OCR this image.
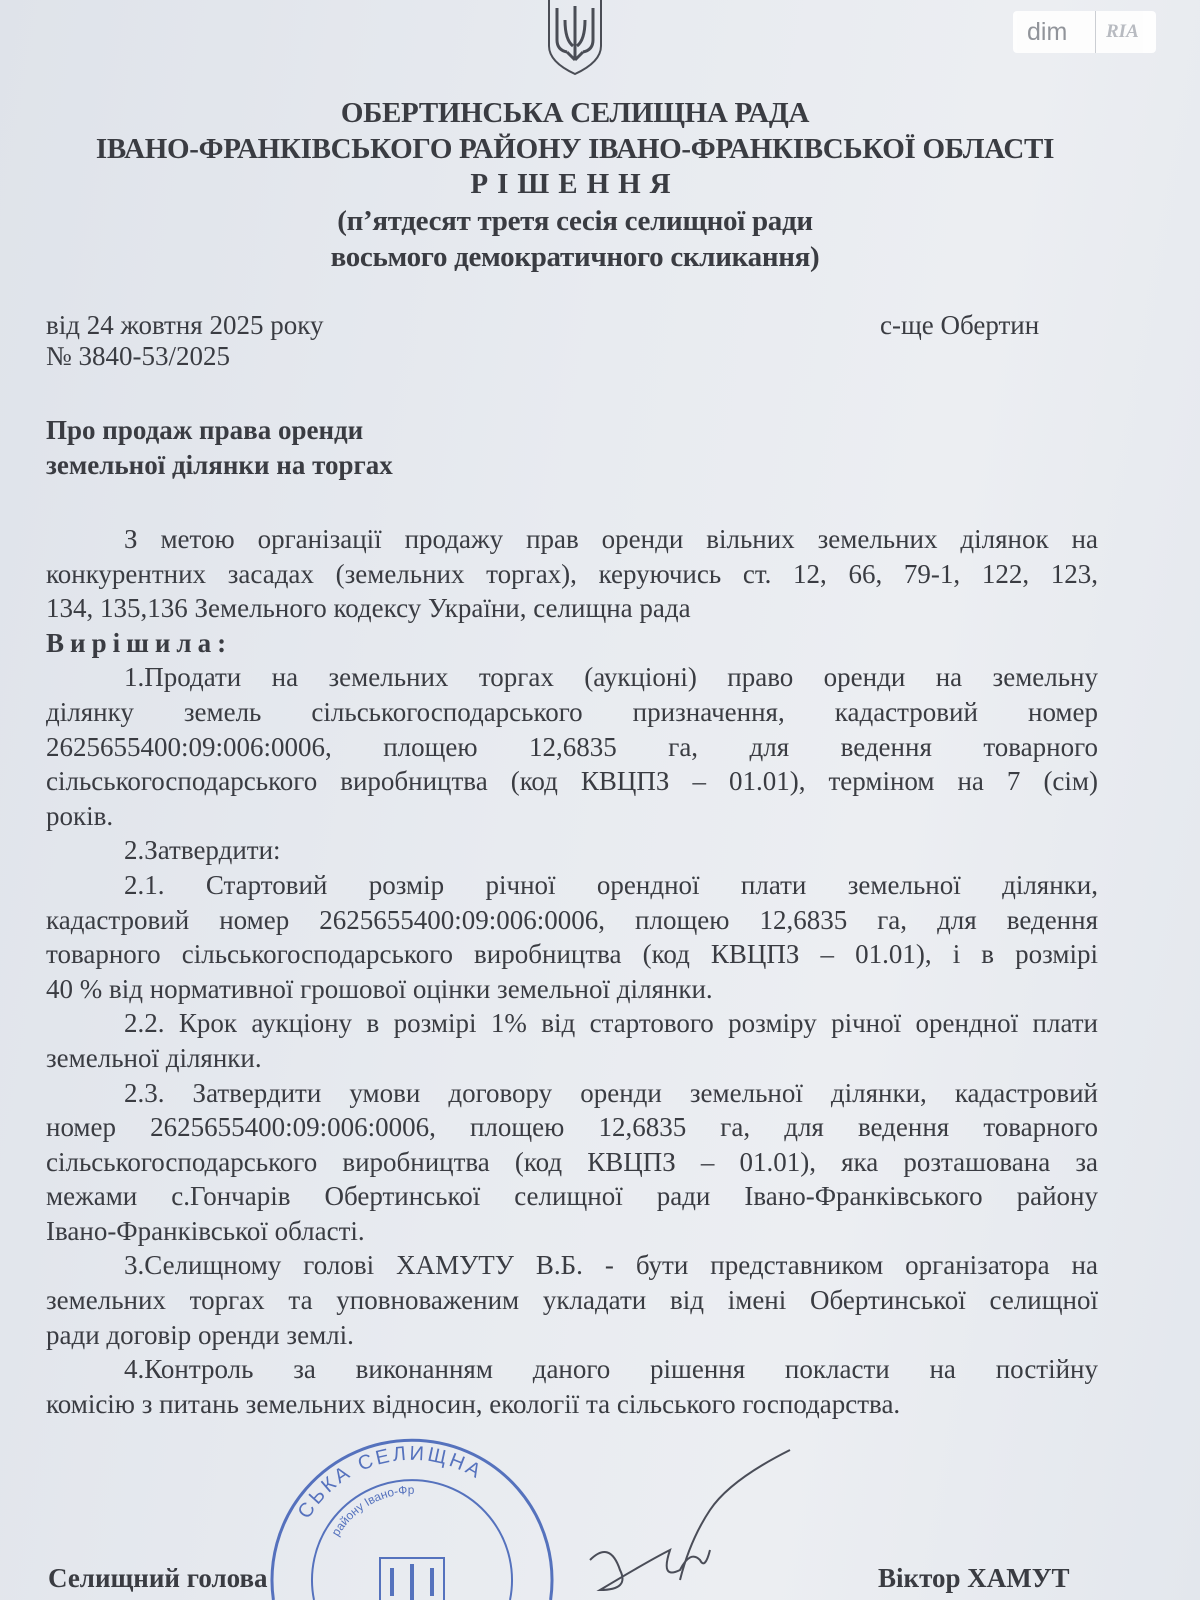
dim	RIA
ОБЕРТИНСЬКА СЕЛИЩНА РАДА
ІВАНО-ФРАНКІВСЬКОГО РАЙОНУ ІВАНО-ФРАНКІВСЬКОЇ ОБЛАСТІ
РІШЕННЯ
(п’ятдесят третя сесія селищної ради
восьмого демократичного скликання)
від 24 жовтня 2025 року	с-ще Обертин
№ 3840-53/2025
Про продаж права оренди
земельної ділянки на торгах
З метою організації продажу прав оренди вільних земельних ділянок на
конкурентних засадах (земельних торгах), керуючись ст. 12, 66, 79-1, 122, 123,
134, 135,136 Земельного кодексу України, селищна рада
Вирішила:
1.Продати на земельних торгах (аукціоні) право оренди на земельну
ділянку земель сільськогосподарського призначення, кадастровий номер
2625655400:09:006:0006, площею 12,6835 га, для ведення товарного
сільськогосподарського виробництва (код КВЦПЗ – 01.01), терміном на 7 (сім)
років.
2.Затвердити:
2.1. Стартовий розмір річної орендної плати земельної ділянки,
кадастровий номер 2625655400:09:006:0006, площею 12,6835 га, для ведення
товарного сільськогосподарського виробництва (код КВЦПЗ – 01.01), і в розмірі
40 % від нормативної грошової оцінки земельної ділянки.
2.2. Крок аукціону в розмірі 1% від стартового розміру річної орендної плати
земельної ділянки.
2.3. Затвердити умови договору оренди земельної ділянки, кадастровий
номер 2625655400:09:006:0006, площею 12,6835 га, для ведення товарного
сільськогосподарського виробництва (код КВЦПЗ – 01.01), яка розташована за
межами с.Гончарів Обертинської селищної ради Івано-Франківського району
Івано-Франківської області.
3.Селищному голові ХАМУТУ В.Б. - бути представником організатора на
земельних торгах та уповноваженим укладати від імені Обертинської селищної
ради договір оренди землі.
4.Контроль за виконанням даного рішення покласти на постійну
комісію з питань земельних відносин, екології та сільського господарства.
СЬКА СЕЛИЩНА
району Івано-Фр
Селищний голова	Віктор ХАМУТ
